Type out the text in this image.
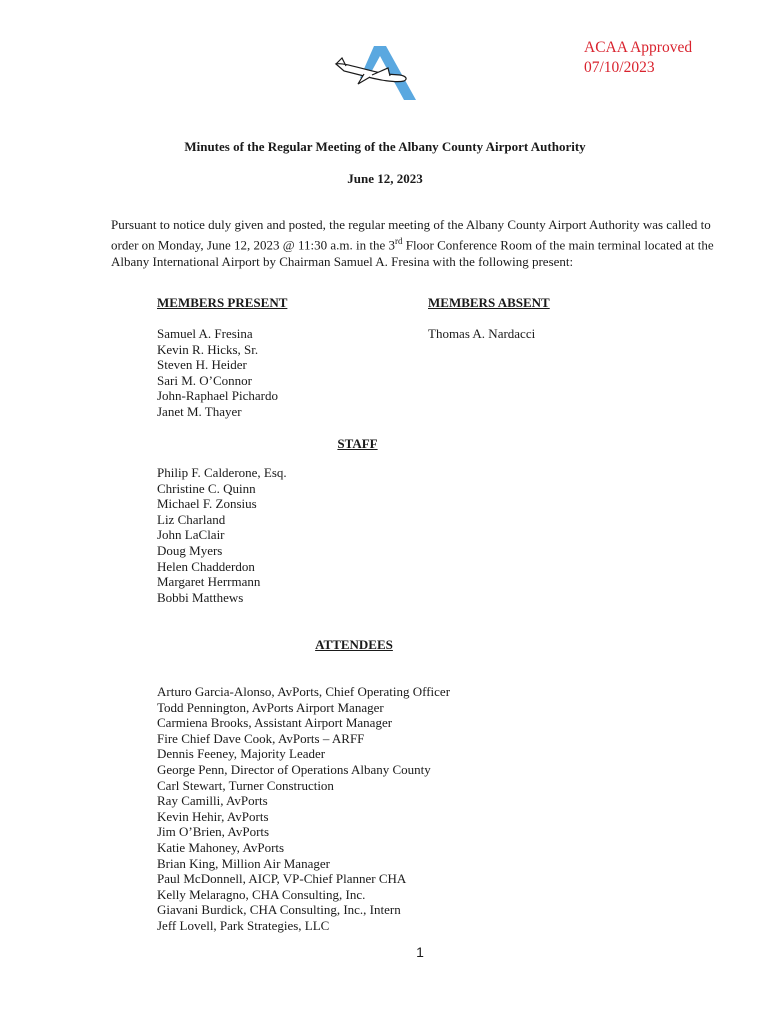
ACAA Approved
07/10/2023
Minutes of the Regular Meeting of the Albany County Airport Authority
June 12, 2023
Pursuant to notice duly given and posted, the regular meeting of the Albany County Airport Authority was called to order on Monday, June 12, 2023 @ 11:30 a.m. in the 3rd Floor Conference Room of the main terminal located at the Albany International Airport by Chairman Samuel A. Fresina with the following present:
MEMBERS PRESENT	MEMBERS ABSENT
Samuel A. Fresina
Kevin R. Hicks, Sr.
Steven H. Heider
Sari M. O’Connor
John-Raphael Pichardo
Janet M. Thayer
Thomas A. Nardacci
STAFF
Philip F. Calderone, Esq.
Christine C. Quinn
Michael F. Zonsius
Liz Charland
John LaClair
Doug Myers
Helen Chadderdon
Margaret Herrmann
Bobbi Matthews
ATTENDEES
Arturo Garcia-Alonso, AvPorts, Chief Operating Officer
Todd Pennington, AvPorts Airport Manager
Carmiena Brooks, Assistant Airport Manager
Fire Chief Dave Cook, AvPorts – ARFF
Dennis Feeney, Majority Leader
George Penn, Director of Operations Albany County
Carl Stewart, Turner Construction
Ray Camilli, AvPorts
Kevin Hehir, AvPorts
Jim O’Brien, AvPorts
Katie Mahoney, AvPorts
Brian King, Million Air Manager
Paul McDonnell, AICP, VP-Chief Planner CHA
Kelly Melaragno, CHA Consulting, Inc.
Giavani Burdick, CHA Consulting, Inc., Intern
Jeff Lovell, Park Strategies, LLC
1
